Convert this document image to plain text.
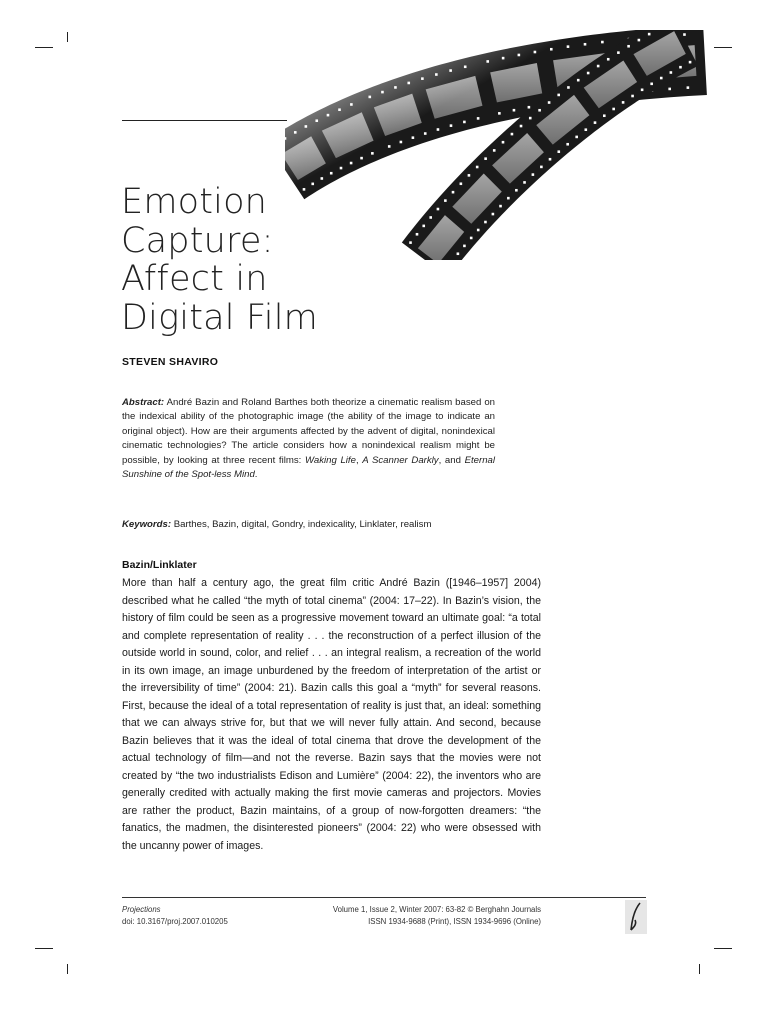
Emotion
Capture:
Affect in
Digital Film
STEVEN SHAVIRO
Abstract: André Bazin and Roland Barthes both theorize a cinematic realism based on the indexical ability of the photographic image (the ability of the image to indicate an original object). How are their arguments affected by the advent of digital, nonindexical cinematic technologies? The article considers how a nonindexical realism might be possible, by looking at three recent films: Waking Life, A Scanner Darkly, and Eternal Sunshine of the Spot-less Mind.
Keywords: Barthes, Bazin, digital, Gondry, indexicality, Linklater, realism
Bazin/Linklater
More than half a century ago, the great film critic André Bazin ([1946–1957] 2004) described what he called “the myth of total cinema” (2004: 17–22). In Bazin’s vision, the history of film could be seen as a progressive movement toward an ultimate goal: “a total and complete representation of reality . . . the reconstruction of a perfect illusion of the outside world in sound, color, and relief . . . an integral realism, a recreation of the world in its own image, an image unburdened by the freedom of interpretation of the artist or the irreversibility of time” (2004: 21). Bazin calls this goal a “myth” for several reasons. First, because the ideal of a total representation of reality is just that, an ideal: something that we can always strive for, but that we will never fully attain. And second, because Bazin believes that it was the ideal of total cinema that drove the development of the actual technology of film—and not the reverse. Bazin says that the movies were not created by “the two industrialists Edison and Lumière” (2004: 22), the inventors who are generally credited with actually making the first movie cameras and projectors. Movies are rather the product, Bazin maintains, of a group of now-forgotten dreamers: “the fanatics, the madmen, the disinterested pioneers” (2004: 22) who were obsessed with the uncanny power of images.
Projections
doi: 10.3167/proj.2007.010205
Volume 1, Issue 2, Winter 2007: 63-82 © Berghahn Journals
ISSN 1934-9688 (Print), ISSN 1934-9696 (Online)
